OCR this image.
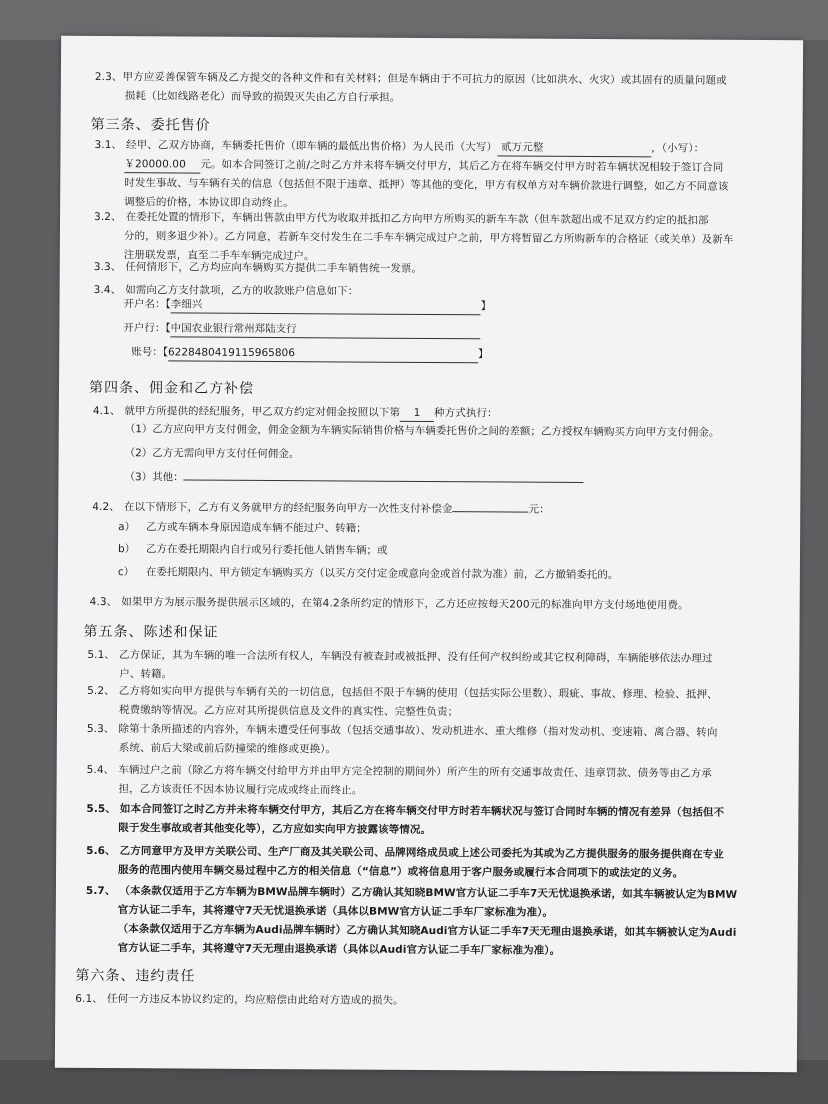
2.3、甲方应妥善保管车辆及乙方提交的各种文件和有关材料；但是车辆由于不可抗力的原因（比如洪水、火灾）或其固有的质量问题或
损耗（比如线路老化）而导致的损毁灭失由乙方自行承担。
第三条、委托售价
3.1、 经甲、乙双方协商，车辆委托售价（即车辆的最低出售价格）为人民币（大写） 贰万元整	，（小写）：
￥20000.00 元。如本合同签订之前/之时乙方并未将车辆交付甲方，其后乙方在将车辆交付甲方时若车辆状况相较于签订合同
时发生事故、与车辆有关的信息（包括但不限于违章、抵押）等其他的变化，甲方有权单方对车辆价款进行调整，如乙方不同意该
调整后的价格，本协议即自动终止。
3.2、 在委托处置的情形下，车辆出售款由甲方代为收取并抵扣乙方向甲方所购买的新车车款（但车款超出或不足双方约定的抵扣部
分的，则多退少补）。乙方同意，若新车交付发生在二手车车辆完成过户之前，甲方将暂留乙方所购新车的合格证（或关单）及新车
注册联发票，直至二手车车辆完成过户。
3.3、 任何情形下，乙方均应向车辆购买方提供二手车销售统一发票。
3.4、 如需向乙方支付款项，乙方的收款账户信息如下：
开户名：【李细兴	】
开户行：【中国农业银行常州郑陆支行
账号：【6228480419115965806	】
第四条、佣金和乙方补偿
4.1、 就甲方所提供的经纪服务，甲乙双方约定对佣金按照以下第 1 种方式执行：
（1）乙方应向甲方支付佣金，佣金金额为车辆实际销售价格与车辆委托售价之间的差额；乙方授权车辆购买方向甲方支付佣金。
（2）乙方无需向甲方支付任何佣金。
（3）其他：
4.2、 在以下情形下，乙方有义务就甲方的经纪服务向甲方一次性支付补偿金	元：
a） 乙方或车辆本身原因造成车辆不能过户、转籍；
b） 乙方在委托期限内自行或另行委托他人销售车辆；或
c） 在委托期限内、甲方锁定车辆购买方（以买方交付定金或意向金或首付款为准）前，乙方撤销委托的。
4.3、 如果甲方为展示服务提供展示区域的，在第4.2条所约定的情形下，乙方还应按每天200元的标准向甲方支付场地使用费。
第五条、陈述和保证
5.1、 乙方保证，其为车辆的唯一合法所有权人，车辆没有被查封或被抵押、没有任何产权纠纷或其它权利障碍，车辆能够依法办理过
户、转籍。
5.2、 乙方将如实向甲方提供与车辆有关的一切信息，包括但不限于车辆的使用（包括实际公里数）、瑕疵、事故、修理、检验、抵押、
税费缴纳等情况。乙方应对其所提供信息及文件的真实性、完整性负责；
5.3、 除第十条所描述的内容外，车辆未遭受任何事故（包括交通事故）、发动机进水、重大维修（指对发动机、变速箱、离合器、转向
系统、前后大梁或前后防撞梁的维修或更换）。
5.4、 车辆过户之前（除乙方将车辆交付给甲方并由甲方完全控制的期间外）所产生的所有交通事故责任、违章罚款、债务等由乙方承
担，乙方该责任不因本协议履行完成或终止而终止。
5.5、 如本合同签订之时乙方并未将车辆交付甲方，其后乙方在将车辆交付甲方时若车辆状况与签订合同时车辆的情况有差异（包括但不
限于发生事故或者其他变化等），乙方应如实向甲方披露该等情况。
5.6、 乙方同意甲方及甲方关联公司、生产厂商及其关联公司、品牌网络成员或上述公司委托为其或为乙方提供服务的服务提供商在专业
服务的范围内使用车辆交易过程中乙方的相关信息（“信息”）或将信息用于客户服务或履行本合同项下的或法定的义务。
5.7、 （本条款仅适用于乙方车辆为BMW品牌车辆时）乙方确认其知晓BMW官方认证二手车7天无忧退换承诺，如其车辆被认定为BMW
官方认证二手车，其将遵守7天无忧退换承诺（具体以BMW官方认证二手车厂家标准为准）。
（本条款仅适用于乙方车辆为Audi品牌车辆时）乙方确认其知晓Audi官方认证二手车7天无理由退换承诺，如其车辆被认定为Audi
官方认证二手车，其将遵守7天无理由退换承诺（具体以Audi官方认证二手车厂家标准为准）。
第六条、违约责任
6.1、 任何一方违反本协议约定的，均应赔偿由此给对方造成的损失。
